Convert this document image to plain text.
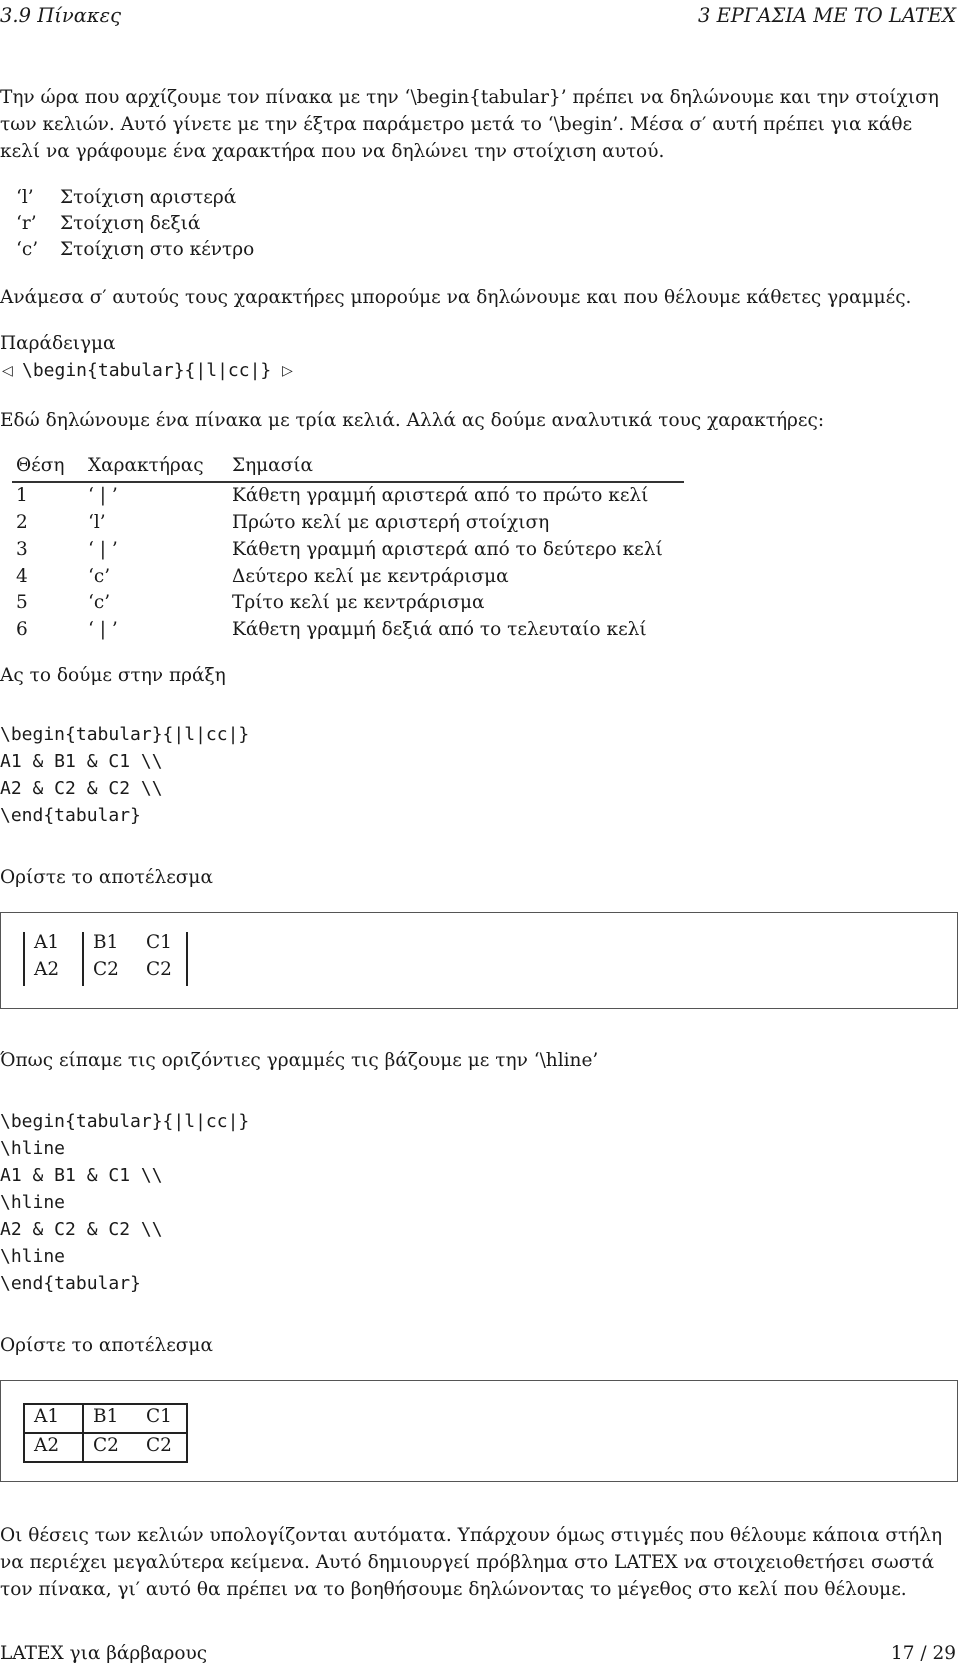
3.9 Πίνακες	3 ΕΡΓΑΣΙΑ ΜΕ ΤΟ LATEX
Την ώρα που αρχίζουμε τον πίνακα με την ‘\begin{tabular}’ πρέπει να δηλώνουμε και την στοίχιση
των κελιών. Αυτό γίνετε με την έξτρα παράμετρο μετά το ‘\begin’. Μέσα σ′ αυτή πρέπει για κάθε
κελί να γράφουμε ένα χαρακτήρα που να δηλώνει την στοίχιση αυτού.
‘l’ Στοίχιση αριστερά
‘r’ Στοίχιση δεξιά
‘c’ Στοίχιση στο κέντρο
Ανάμεσα σ′ αυτούς τους χαρακτήρες μπορούμε να δηλώνουμε και που θέλουμε κάθετες γραμμές.
Παράδειγμα
◁ \begin{tabular}{|l|cc|} ▷
Εδώ δηλώνουμε ένα πίνακα με τρία κελιά. Αλλά ας δούμε αναλυτικά τους χαρακτήρες:
Θέση Χαρακτήρας Σημασία
1	‘ | ’	Κάθετη γραμμή αριστερά από το πρώτο κελί
2	‘l’	Πρώτο κελί με αριστερή στοίχιση
3	‘ | ’	Κάθετη γραμμή αριστερά από το δεύτερο κελί
4	‘c’	Δεύτερο κελί με κεντράρισμα
5	‘c’	Τρίτο κελί με κεντράρισμα
6	‘ | ’	Κάθετη γραμμή δεξιά από το τελευταίο κελί
Ας το δούμε στην πράξη
\begin{tabular}{|l|cc|}
A1 & B1 & C1 \\
A2 & C2 & C2 \\
\end{tabular}
Ορίστε το αποτέλεσμα
A1 B1 C1
A2 C2 C2
Όπως είπαμε τις οριζόντιες γραμμές τις βάζουμε με την ‘\hline’
\begin{tabular}{|l|cc|}
\hline
A1 & B1 & C1 \\
\hline
A2 & C2 & C2 \\
\hline
\end{tabular}
Ορίστε το αποτέλεσμα
A1 B1 C1
A2 C2 C2
Οι θέσεις των κελιών υπολογίζονται αυτόματα. Υπάρχουν όμως στιγμές που θέλουμε κάποια στήλη
να περιέχει μεγαλύτερα κείμενα. Αυτό δημιουργεί πρόβλημα στο LATEX να στοιχειοθετήσει σωστά
τον πίνακα, γι′ αυτό θα πρέπει να το βοηθήσουμε δηλώνοντας το μέγεθος στο κελί που θέλουμε.
LATEX για βάρβαρους	17 / 29
